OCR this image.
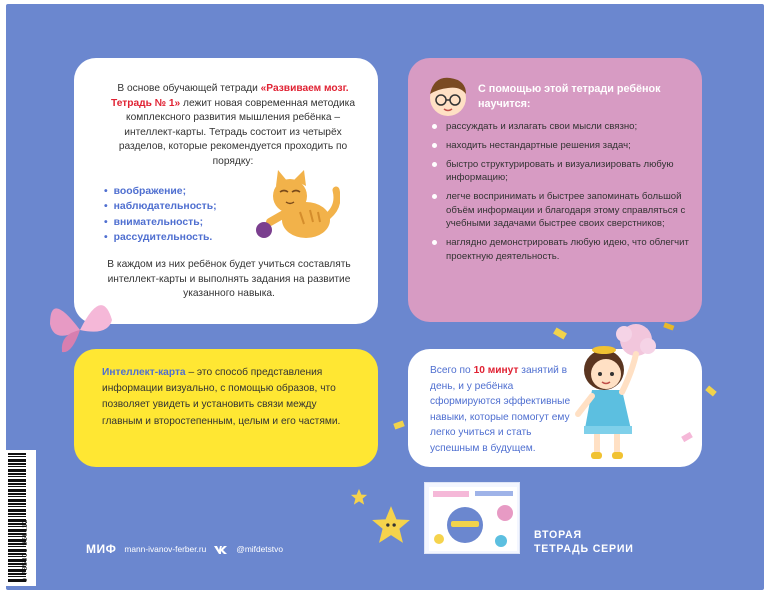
В основе обучающей тетради «Развиваем мозг. Тетрадь № 1» лежит новая современная методика комплексного развития мышления ребёнка – интеллект-карты. Тетрадь состоит из четырёх разделов, которые рекомендуется проходить по порядку:

• воображение;
• наблюдательность;
• внимательность;
• рассудительность.

В каждом из них ребёнок будет учиться составлять интеллект-карты и выполнять задания на развитие указанного навыка.

С помощью этой тетради ребёнок научится:

рассуждать и излагать свои мысли связно;
находить нестандартные решения задач;
быстро структурировать и визуализировать любую информацию;
легче воспринимать и быстрее запоминать большой объём информации и благодаря этому справляться с учебными задачами быстрее своих сверстников;
наглядно демонстрировать любую идею, что облегчит проектную деятельность.

Интеллект-карта – это способ представления информации визуально, с помощью образов, что позволяет увидеть и установить связи между главным и второстепенным, целым и его частями.

Всего по 10 минут занятий в день, и у ребёнка сформируются эффективные навыки, которые помогут ему легко учиться и стать успешным в будущем.

9 785001 956112	МИФ mann-ivanov-ferber.ru	@mifdetstvo
ВТОРАЯ
ТЕТРАДЬ СЕРИИ
